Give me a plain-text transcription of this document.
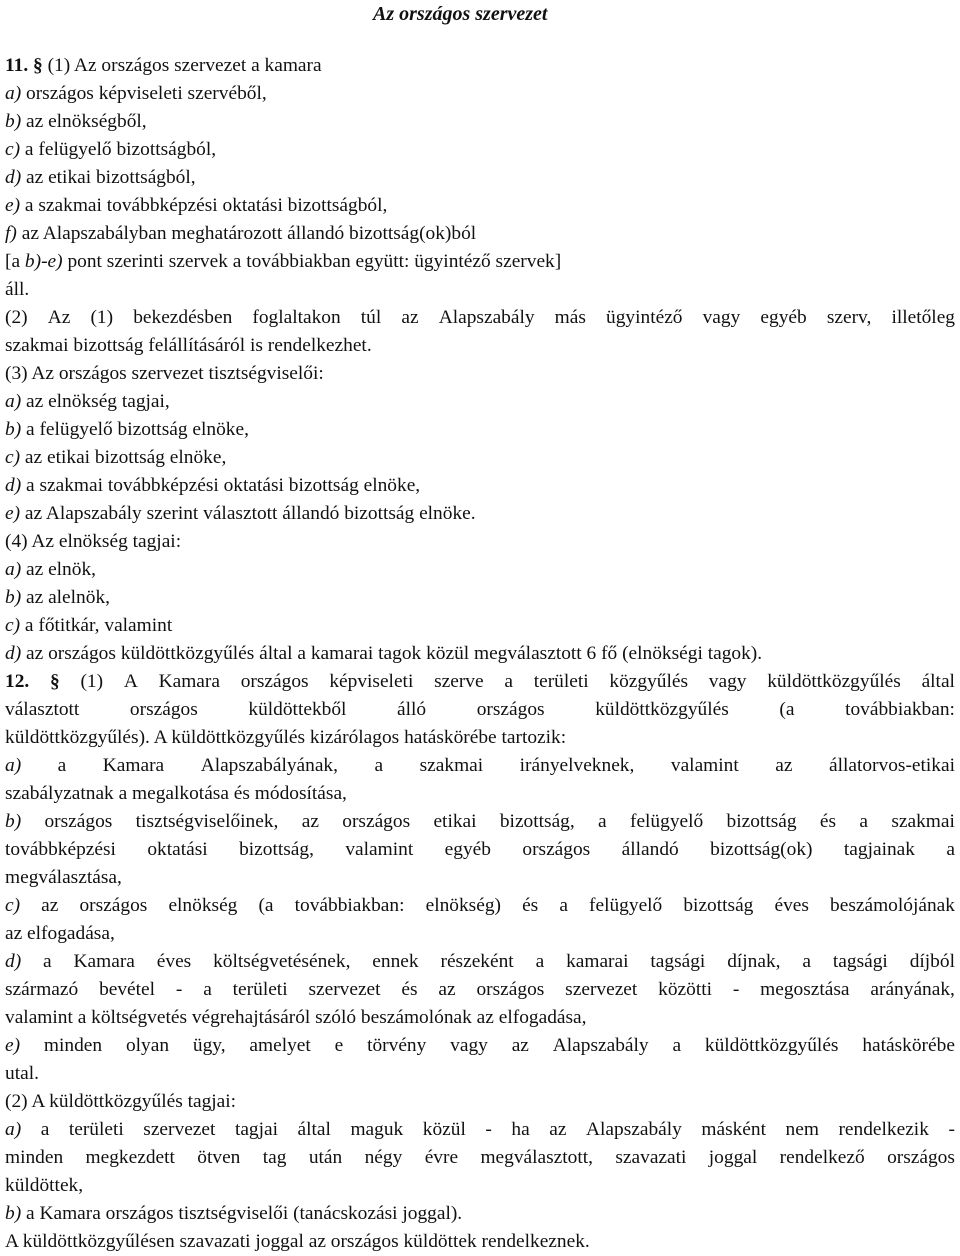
Az országos szervezet
11. § (1) Az országos szervezet a kamara
a) országos képviseleti szervéből,
b) az elnökségből,
c) a felügyelő bizottságból,
d) az etikai bizottságból,
e) a szakmai továbbképzési oktatási bizottságból,
f) az Alapszabályban meghatározott állandó bizottság(ok)ból
[a b)-e) pont szerinti szervek a továbbiakban együtt: ügyintéző szervek]
áll.
(2) Az (1) bekezdésben foglaltakon túl az Alapszabály más ügyintéző vagy egyéb szerv, illetőleg
szakmai bizottság felállításáról is rendelkezhet.
(3) Az országos szervezet tisztségviselői:
a) az elnökség tagjai,
b) a felügyelő bizottság elnöke,
c) az etikai bizottság elnöke,
d) a szakmai továbbképzési oktatási bizottság elnöke,
e) az Alapszabály szerint választott állandó bizottság elnöke.
(4) Az elnökség tagjai:
a) az elnök,
b) az alelnök,
c) a főtitkár, valamint
d) az országos küldöttközgyűlés által a kamarai tagok közül megválasztott 6 fő (elnökségi tagok).
12. § (1) A Kamara országos képviseleti szerve a területi közgyűlés vagy küldöttközgyűlés által
választott	országos	küldöttekből	álló	országos	küldöttközgyűlés	(a	továbbiakban:
küldöttközgyűlés). A küldöttközgyűlés kizárólagos hatáskörébe tartozik:
a) a Kamara Alapszabályának, a szakmai irányelveknek, valamint az állatorvos-etikai
szabályzatnak a megalkotása és módosítása,
b) országos tisztségviselőinek, az országos etikai bizottság, a felügyelő bizottság és a szakmai
továbbképzési oktatási bizottság, valamint egyéb országos állandó bizottság(ok) tagjainak a
megválasztása,
c) az országos elnökség (a továbbiakban: elnökség) és a felügyelő bizottság éves beszámolójának
az elfogadása,
d) a Kamara éves költségvetésének, ennek részeként a kamarai tagsági díjnak, a tagsági díjból
származó bevétel - a területi szervezet és az országos szervezet közötti - megosztása arányának,
valamint a költségvetés végrehajtásáról szóló beszámolónak az elfogadása,
e) minden olyan ügy, amelyet e törvény vagy az Alapszabály a küldöttközgyűlés hatáskörébe
utal.
(2) A küldöttközgyűlés tagjai:
a) a területi szervezet tagjai által maguk közül - ha az Alapszabály másként nem rendelkezik -
minden megkezdett ötven tag után négy évre megválasztott, szavazati joggal rendelkező országos
küldöttek,
b) a Kamara országos tisztségviselői (tanácskozási joggal).
A küldöttközgyűlésen szavazati joggal az országos küldöttek rendelkeznek.
